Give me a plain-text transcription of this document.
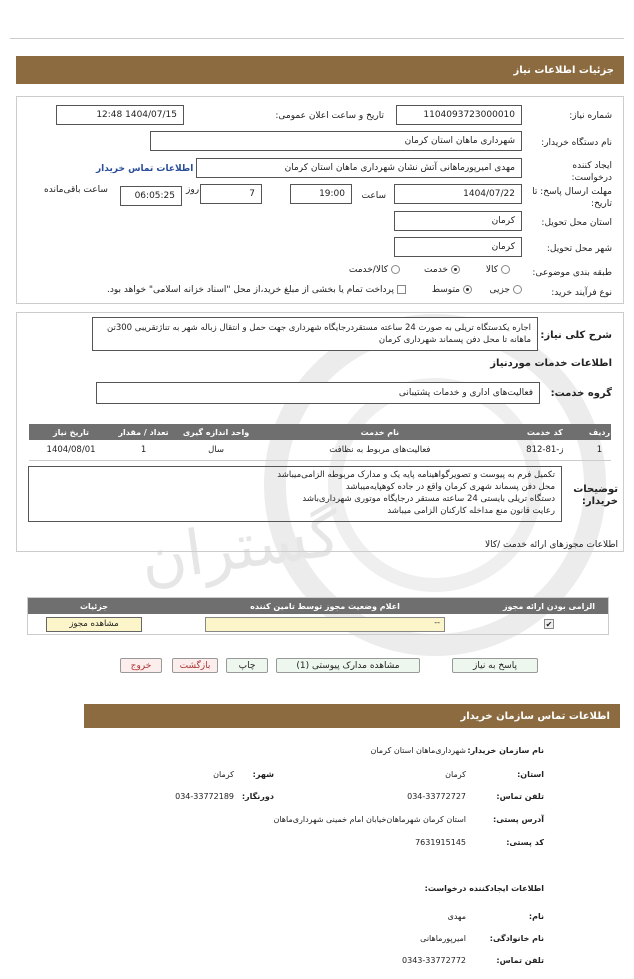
جزئیات اطلاعات نیاز
گستران
شماره نیاز:
1104093723000010
تاریخ و ساعت اعلان عمومی:
1404/07/15 12:48
نام دستگاه خریدار:
شهرداری ماهان استان کرمان
ایجاد کننده درخواست:
مهدی امیرپورماهانی آتش نشان شهرداری ماهان استان کرمان
اطلاعات تماس خریدار
مهلت ارسال پاسخ: تا تاریخ:
1404/07/22
ساعت
19:00
7
روز
06:05:25
ساعت باقی‌مانده
استان محل تحویل:
کرمان
شهر محل تحویل:
کرمان
طبقه بندی موضوعی:
کالا
خدمت
کالا/خدمت
نوع فرآیند خرید:
جزیی
متوسط
پرداخت تمام یا بخشی از مبلغ خرید،از محل "اسناد خزانه اسلامی" خواهد بود.
شرح کلی نیاز:
اجاره یکدستگاه تریلی به صورت 24 ساعته مستقردرجایگاه شهرداری جهت حمل و انتقال زباله شهر به تناژتقریبی 300تن ماهانه تا محل دفن پسماند شهرداری کرمان
اطلاعات خدمات موردنیاز
گروه خدمت:
فعالیت‌های اداری و خدمات پشتیبانی
ردیف	کد خدمت	نام خدمت	واحد اندازه گیری	تعداد / مقدار	تاریخ نیاز
1	ز-81-812	فعالیت‌های مربوط به نظافت	سال	1	1404/08/01
توضیحات خریدار:
تکمیل فرم به پیوست و تصویرگواهینامه پایه یک و مدارک مربوطه الزامی‌میباشد
محل دفن پسماند شهری کرمان واقع در جاده کوهپایه‌میباشد
دستگاه تریلی بایستی 24 ساعته مستقر درجایگاه موتوری شهرداری‌باشد
رعایت قانون منع مداخله کارکنان الزامی میباشد
اطلاعات مجوزهای ارائه خدمت /کالا
الزامی بودن ارائه مجوز	اعلام وضعیت مجوز توسط تامین کننده	جزئیات
✔	--	مشاهده مجوز
پاسخ به نیاز
مشاهده مدارک پیوستی (1)
چاپ
بازگشت
خروج
اطلاعات تماس سازمان خریدار
نام سازمان خریدار:
شهرداری‌ماهان استان کرمان
استان:
کرمان
شهر:
کرمان
تلفن تماس:
034-33772727
دورنگار:
034-33772189
آدرس پستی:
استان کرمان شهرماهان‌خیابان امام خمینی شهرداری‌ماهان
کد پستی:
7631915145
اطلاعات ایجادکننده درخواست:
نام:
مهدی
نام خانوادگی:
امیرپورماهانی
تلفن تماس:
0343-33772772
